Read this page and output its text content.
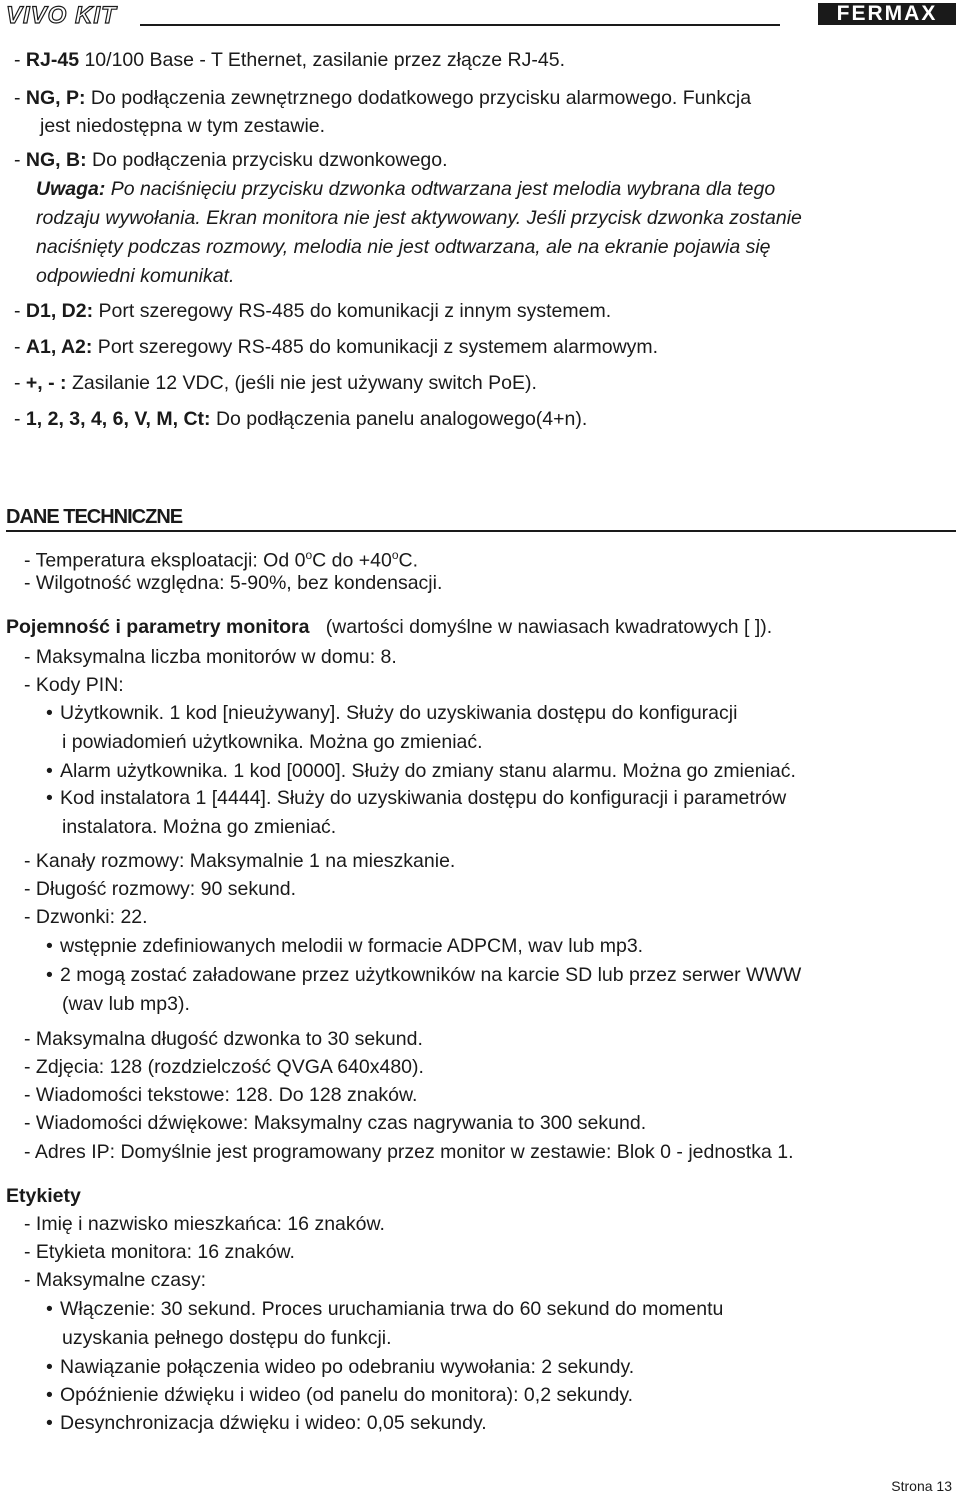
VIVO KIT	FERMAX
- RJ-45 10/100 Base - T Ethernet, zasilanie przez złącze RJ-45.
- NG, P: Do podłączenia zewnętrznego dodatkowego przycisku alarmowego. Funkcja
jest niedostępna w tym zestawie.
- NG, B: Do podłączenia przycisku dzwonkowego.
Uwaga: Po naciśnięciu przycisku dzwonka odtwarzana jest melodia wybrana dla tego
rodzaju wywołania. Ekran monitora nie jest aktywowany. Jeśli przycisk dzwonka zostanie
naciśnięty podczas rozmowy, melodia nie jest odtwarzana, ale na ekranie pojawia się
odpowiedni komunikat.
- D1, D2: Port szeregowy RS-485 do komunikacji z innym systemem.
- A1, A2: Port szeregowy RS-485 do komunikacji z systemem alarmowym.
- +, - : Zasilanie 12 VDC, (jeśli nie jest używany switch PoE).
- 1, 2, 3, 4, 6, V, M, Ct: Do podłączenia panelu analogowego(4+n).
DANE TECHNICZNE
- Temperatura eksploatacji: Od 0$^o$C do $+40^oC$.
- Wilgotność względna: 5-90%, bez kondensacji.
Pojemność i parametry monitora (wartości domyślne w nawiasach kwadratowych [ ]).
- Maksymalna liczba monitorów w domu: 8.
- Kody PIN:
• Użytkownik. 1 kod [nieużywany]. Służy do uzyskiwania dostępu do konfiguracji
i powiadomień użytkownika. Można go zmieniać.
• Alarm użytkownika. 1 kod [0000]. Służy do zmiany stanu alarmu. Można go zmieniać.
• Kod instalatora 1 [4444]. Służy do uzyskiwania dostępu do konfiguracji i parametrów
instalatora. Można go zmieniać.
- Kanały rozmowy: Maksymalnie 1 na mieszkanie.
- Długość rozmowy: 90 sekund.
- Dzwonki: 22.
• wstępnie zdefiniowanych melodii w formacie ADPCM, wav lub mp3.
• 2 mogą zostać załadowane przez użytkowników na karcie SD lub przez serwer WWW
(wav lub mp3).
- Maksymalna długość dzwonka to 30 sekund.
- Zdjęcia: 128 (rozdzielczość QVGA 640x480).
- Wiadomości tekstowe: 128. Do 128 znaków.
- Wiadomości dźwiękowe: Maksymalny czas nagrywania to 300 sekund.
- Adres IP: Domyślnie jest programowany przez monitor w zestawie: Blok 0 - jednostka 1.
Etykiety
- Imię i nazwisko mieszkańca: 16 znaków.
- Etykieta monitora: 16 znaków.
- Maksymalne czasy:
• Włączenie: 30 sekund. Proces uruchamiania trwa do 60 sekund do momentu
uzyskania pełnego dostępu do funkcji.
• Nawiązanie połączenia wideo po odebraniu wywołania: 2 sekundy.
• Opóźnienie dźwięku i wideo (od panelu do monitora): 0,2 sekundy.
• Desynchronizacja dźwięku i wideo: 0,05 sekundy.
Strona 13
